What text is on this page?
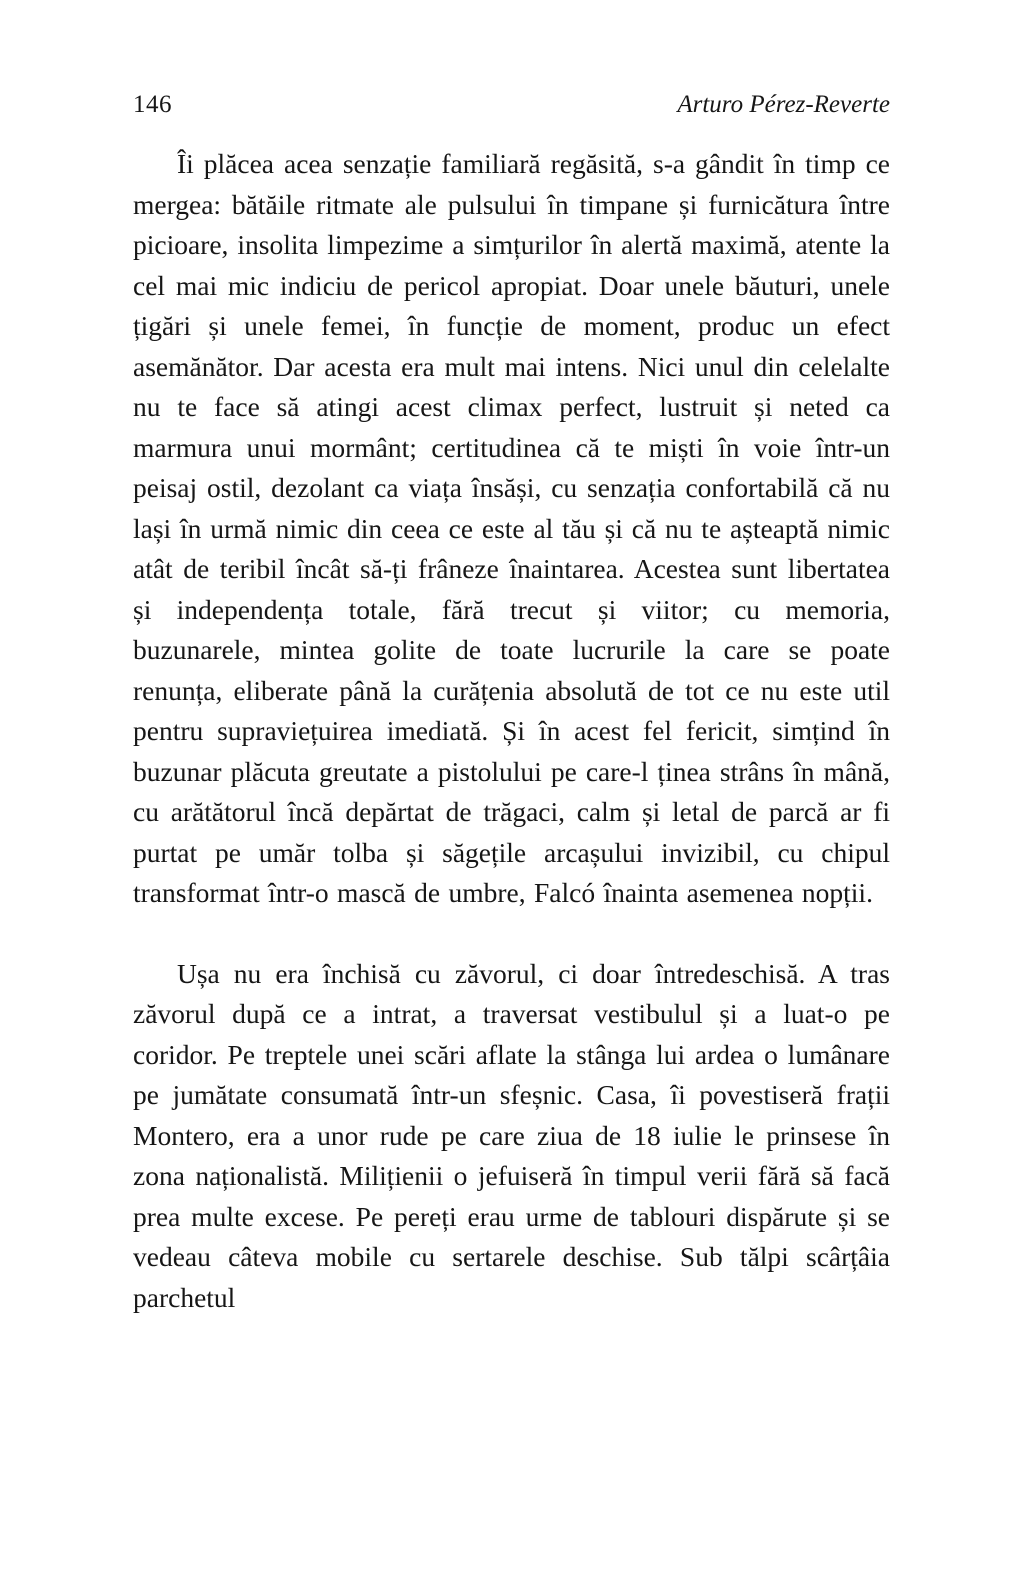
146	Arturo Pérez-Reverte

Îi plăcea acea senzație familiară regăsită, s-a gândit în timp ce mergea: bătăile ritmate ale pulsului în timpane și furnicătura între picioare, insolita limpezime a simțurilor în alertă maximă, atente la cel mai mic indiciu de pericol apropiat. Doar unele băuturi, unele țigări și unele femei, în funcție de moment, produc un efect asemănător. Dar acesta era mult mai intens. Nici unul din celelalte nu te face să atingi acest climax perfect, lustruit și neted ca marmura unui mormânt; certitudinea că te miști în voie într-un peisaj ostil, dezolant ca viața însăși, cu senzația confortabilă că nu lași în urmă nimic din ceea ce este al tău și că nu te așteaptă nimic atât de teribil încât să-ți frâneze înaintarea. Acestea sunt libertatea și independența totale, fără trecut și viitor; cu memoria, buzunarele, mintea golite de toate lucrurile la care se poate renunța, eliberate până la curățenia absolută de tot ce nu este util pentru supraviețuirea imediată. Și în acest fel fericit, simțind în buzunar plăcuta greutate a pistolului pe care-l ținea strâns în mână, cu arătătorul încă depărtat de trăgaci, calm și letal de parcă ar fi purtat pe umăr tolba și săgețile arcașului invizibil, cu chipul transformat într-o mască de umbre, Falcó înainta asemenea nopții.

Ușa nu era închisă cu zăvorul, ci doar întredeschisă. A tras zăvorul după ce a intrat, a traversat vestibulul și a luat-o pe coridor. Pe treptele unei scări aflate la stânga lui ardea o lumânare pe jumătate consumată într-un sfeșnic. Casa, îi povestiseră frații Montero, era a unor rude pe care ziua de 18 iulie le prinsese în zona naționalistă. Milițienii o jefuiseră în timpul verii fără să facă prea multe excese. Pe pereți erau urme de tablouri dispărute și se vedeau câteva mobile cu sertarele deschise. Sub tălpi scârțâia parchetul
